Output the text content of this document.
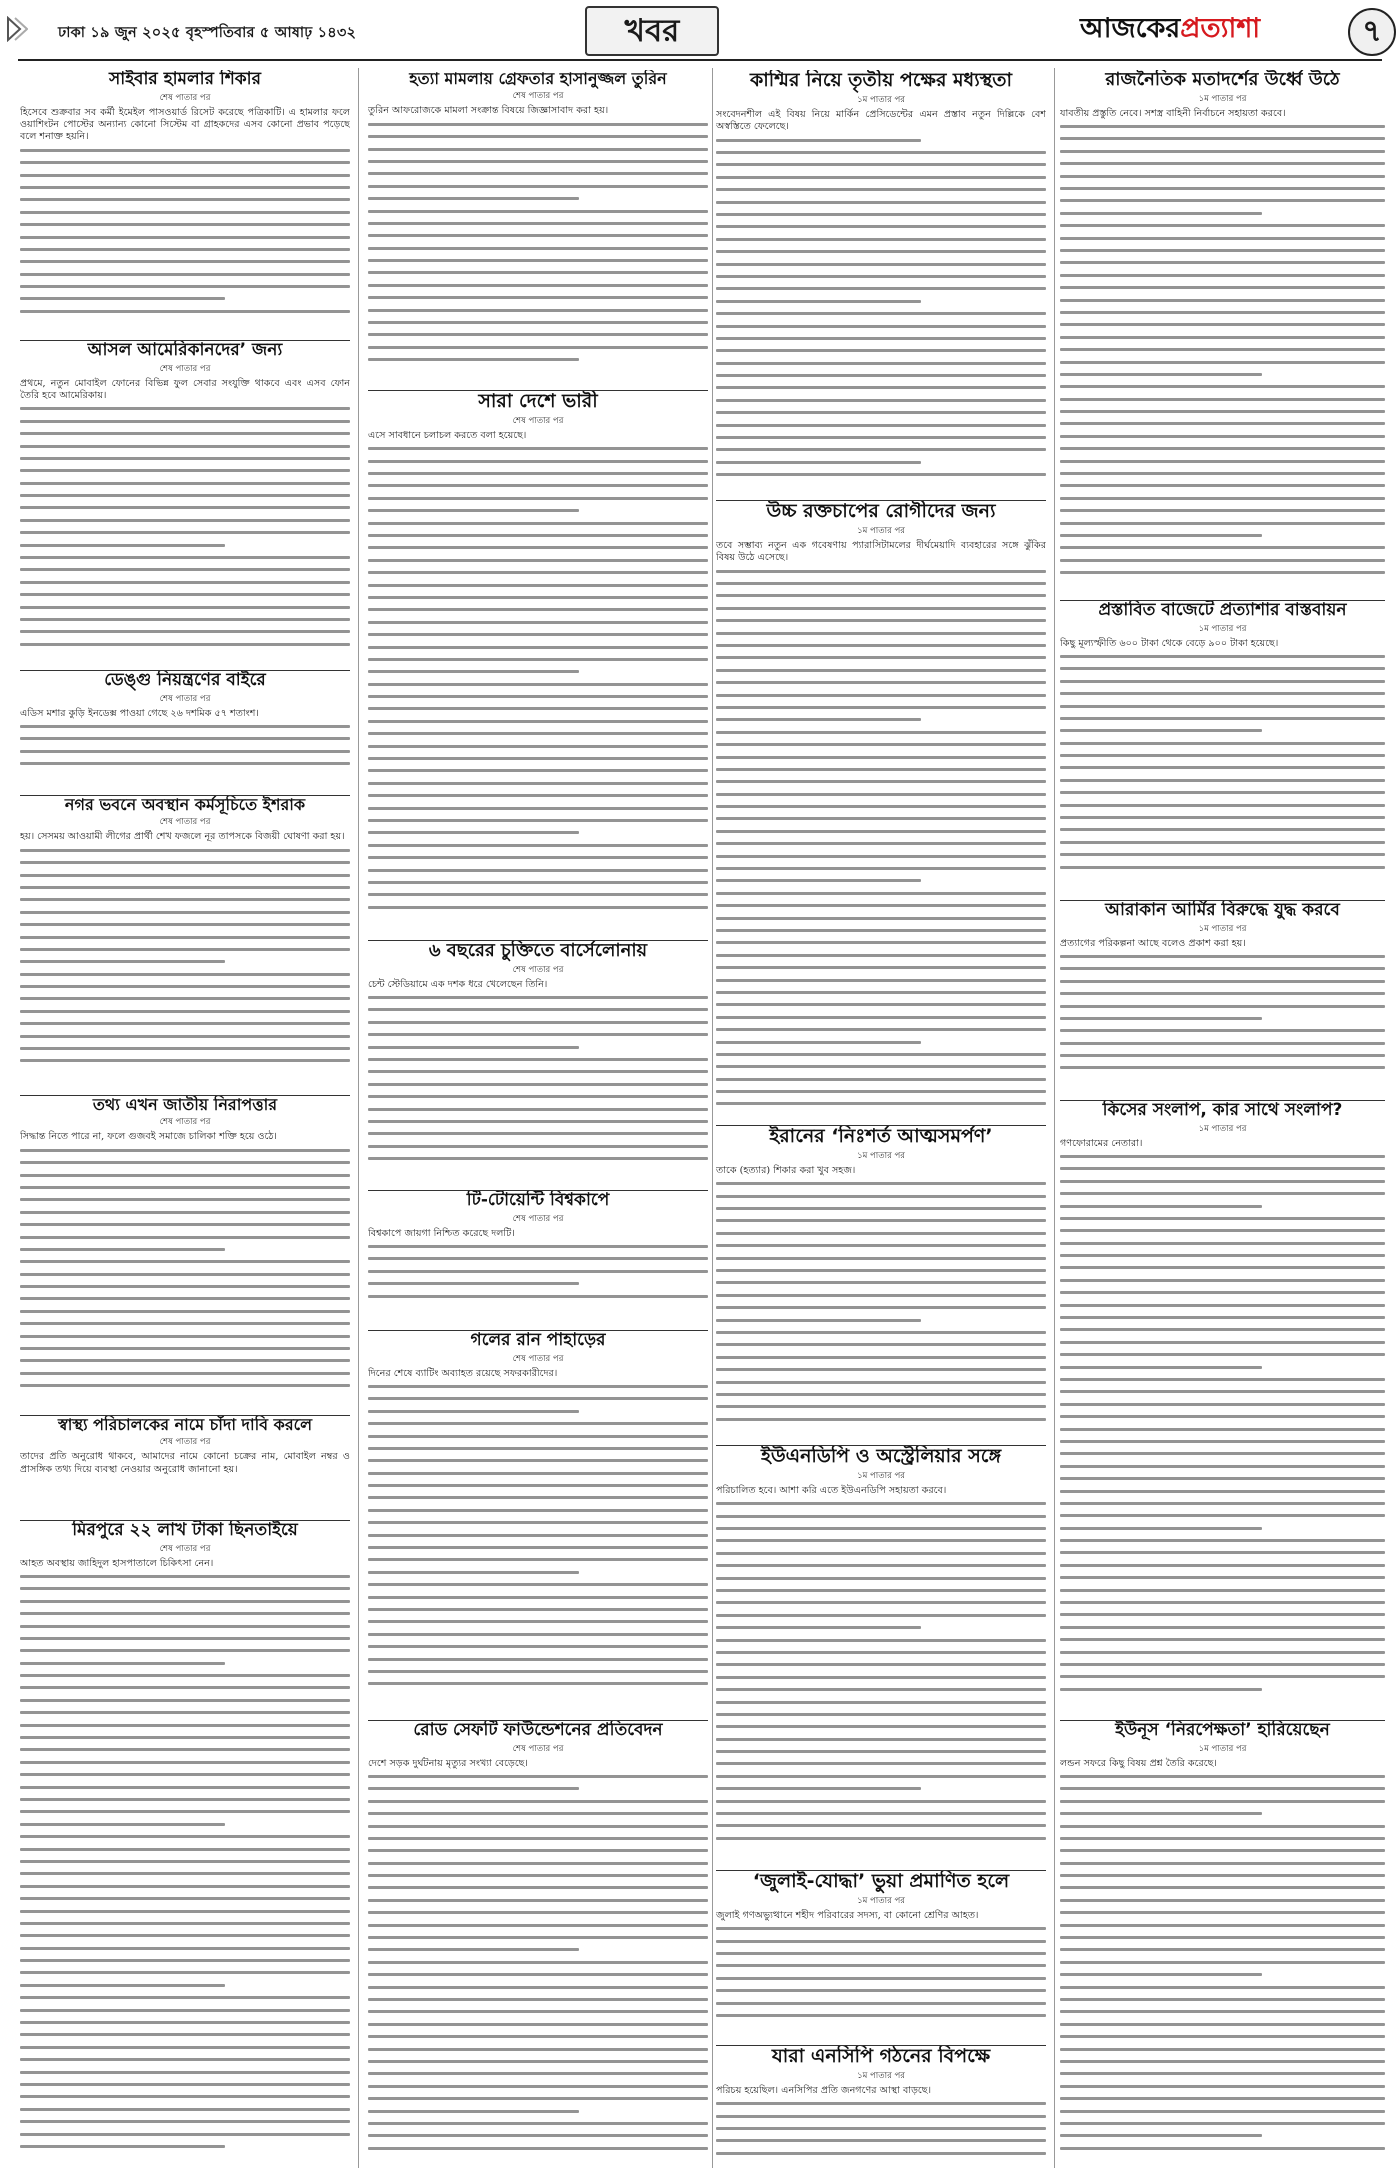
ঢাকা ১৯ জুন ২০২৫ বৃহস্পতিবার ৫ আষাঢ় ১৪৩২	খবর	আজকেরপ্রত্যাশা	৭
সাইবার হামলার শিকার
শেষ পাতার পর

হিসেবে শুক্রবার সব কর্মী ইমেইল পাসওয়ার্ড রিসেট করেছে পত্রিকাটি। এ হামলার ফলে ওয়াশিংটন পোস্টের অন্যান্য কোনো সিস্টেম বা গ্রাহকদের এসব কোনো প্রভাব পড়েছে বলে শনাক্ত হয়নি।

আসল আমেরিকানদের’ জন্য
শেষ পাতার পর

প্রথমে, নতুন মোবাইল ফোনের বিভিন্ন ফুল সেবার সংযুক্তি থাকবে এবং এসব ফোন তৈরি হবে আমেরিকায়।

ডেঙ্গু নিয়ন্ত্রণের বাইরে
শেষ পাতার পর

এডিস মশার কুড়ি ইনডেক্স পাওয়া গেছে ২৬ দশমিক ৫৭ শতাংশ।

নগর ভবনে অবস্থান কর্মসূচিতে ইশরাক
শেষ পাতার পর

হয়। সেসময় আওয়ামী লীগের প্রার্থী শেখ ফজলে নূর তাপসকে বিজয়ী ঘোষণা করা হয়।

তথ্য এখন জাতীয় নিরাপত্তার
শেষ পাতার পর

সিদ্ধান্ত নিতে পারে না, ফলে গুজবই সমাজে চালিকা শক্তি হয়ে ওঠে।

স্বাস্থ্য পরিচালকের নামে চাঁদা দাবি করলে
শেষ পাতার পর

তাদের প্রতি অনুরোধ থাকবে, আমাদের নামে কোনো চক্রের নাম, মোবাইল নম্বর ও প্রাসঙ্গিক তথ্য দিয়ে ব্যবস্থা নেওয়ার অনুরোধ জানানো হয়।

মিরপুরে ২২ লাখ টাকা ছিনতাইয়ে
শেষ পাতার পর

আহত অবস্থায় জাহিদুল হাসপাতালে চিকিৎসা নেন।

হত্যা মামলায় গ্রেফতার হাসানুজ্জল তুরিন
শেষ পাতার পর

তুরিন আফরোজকে মামলা সংক্রান্ত বিষয়ে জিজ্ঞাসাবাদ করা হয়।

সারা দেশে ভারী
শেষ পাতার পর

এসে সাবধানে চলাচল করতে বলা হয়েছে।

৬ বছরের চুক্তিতে বার্সেলোনায়
শেষ পাতার পর

চেন্ট স্টেডিয়ামে এক দশক ধরে খেলেছেন তিনি।

টি-টোয়েন্টি বিশ্বকাপে
শেষ পাতার পর

বিশ্বকাপে জায়গা নিশ্চিত করেছে দলটি।

গলের রান পাহাড়ের
শেষ পাতার পর

দিনের শেষে ব্যাটিং অব্যাহত রয়েছে সফরকারীদের।

রোড সেফটি ফাউন্ডেশনের প্রতিবেদন
শেষ পাতার পর

দেশে সড়ক দুর্ঘটনায় মৃত্যুর সংখ্যা বেড়েছে।

কাশ্মির নিয়ে তৃতীয় পক্ষের মধ্যস্থতা
১ম পাতার পর

সংবেদনশীল এই বিষয় নিয়ে মার্কিন প্রেসিডেন্টের এমন প্রস্তাব নতুন দিল্লিকে বেশ অস্বস্তিতে ফেলেছে।

উচ্চ রক্তচাপের রোগীদের জন্য
১ম পাতার পর

তবে সম্ভাব্য নতুন এক গবেষণায় প্যারাসিটামলের দীর্ঘমেয়াদি ব্যবহারের সঙ্গে ঝুঁকির বিষয় উঠে এসেছে।

ইরানের ‘নিঃশর্ত আত্মসমর্পণ’
১ম পাতার পর

তাকে (হত্যার) শিকার করা খুব সহজ।

ইউএনডিপি ও অস্ট্রেলিয়ার সঙ্গে
১ম পাতার পর

পরিচালিত হবে। আশা করি এতে ইউএনডিপি সহায়তা করবে।

‘জুলাই-যোদ্ধা’ ভুয়া প্রমাণিত হলে
১ম পাতার পর

জুলাই গণঅভ্যুত্থানে শহীদ পরিবারের সদস্য, বা কোনো শ্রেণির আহত।

যারা এনসিপি গঠনের বিপক্ষে
১ম পাতার পর

পরিচয় হয়েছিল। এনসিপির প্রতি জনগণের আস্থা বাড়ছে।

রাজনৈতিক মতাদর্শের উর্ধ্বে উঠে
১ম পাতার পর

যাবতীয় প্রস্তুতি নেবে। সশস্ত্র বাহিনী নির্বাচনে সহায়তা করবে।

প্রস্তাবিত বাজেটে প্রত্যাশার বাস্তবায়ন
১ম পাতার পর

কিছু মূল্যস্ফীতি ৬০০ টাকা থেকে বেড়ে ৯০০ টাকা হয়েছে।

আরাকান আর্মির বিরুদ্ধে যুদ্ধ করবে
১ম পাতার পর

প্রত্যাগের পরিকল্পনা আছে বলেও প্রকাশ করা হয়।

কিসের সংলাপ, কার সাথে সংলাপ?
১ম পাতার পর

গণফোরামের নেতারা।

ইউনূস ‘নিরপেক্ষতা’ হারিয়েছেন
১ম পাতার পর

লন্ডন সফরে কিছু বিষয় প্রশ্ন তৈরি করেছে।
